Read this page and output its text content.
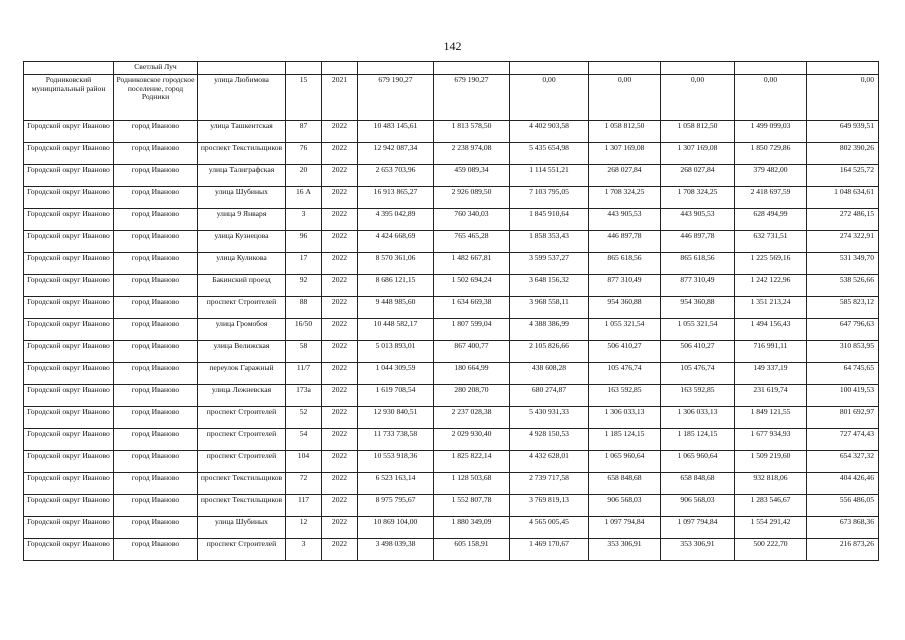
142
	Светлый Луч										
Родниковский муниципальный район	Родниковское городское поселение, город Родники	улица Любимова	15	2021	679 190,27	679 190,27	0,00	0,00	0,00	0,00	0,00
Городской округ Иваново	город Иваново	улица Ташкентская	87	2022	10 483 145,61	1 813 578,50	4 402 903,58	1 058 812,50	1 058 812,50	1 499 099,03	649 939,51
Городской округ Иваново	город Иваново	проспект Текстильщиков	76	2022	12 942 087,34	2 238 974,08	5 435 654,98	1 307 169,08	1 307 169,08	1 850 729,86	802 390,26
Городской округ Иваново	город Иваново	улица Талиграфская	20	2022	2 653 703,96	459 089,34	1 114 551,21	268 027,84	268 027,84	379 482,00	164 525,72
Городской округ Иваново	город Иваново	улица Шубиных	16 А	2022	16 913 865,27	2 926 089,50	7 103 795,05	1 708 324,25	1 708 324,25	2 418 697,59	1 048 634,61
Городской округ Иваново	город Иваново	улица 9 Января	3	2022	4 395 042,89	760 340,03	1 845 910,64	443 905,53	443 905,53	628 494,99	272 486,15
Городской округ Иваново	город Иваново	улица Кузнецова	96	2022	4 424 668,69	765 465,28	1 858 353,43	446 897,78	446 897,78	632 731,51	274 322,91
Городской округ Иваново	город Иваново	улица Куликова	17	2022	8 570 361,06	1 482 667,81	3 599 537,27	865 618,56	865 618,56	1 225 569,16	531 349,70
Городской округ Иваново	город Иваново	Бакинский проезд	92	2022	8 686 121,15	1 502 694,24	3 648 156,32	877 310,49	877 310,49	1 242 122,96	538 526,66
Городской округ Иваново	город Иваново	проспект Строителей	88	2022	9 448 985,60	1 634 669,38	3 968 558,11	954 360,88	954 360,88	1 351 213,24	585 823,12
Городской округ Иваново	город Иваново	улица Громобоя	16/50	2022	10 448 582,17	1 807 599,04	4 388 386,99	1 055 321,54	1 055 321,54	1 494 156,43	647 796,63
Городской округ Иваново	город Иваново	улица Велижская	58	2022	5 013 893,01	867 400,77	2 105 826,66	506 410,27	506 410,27	716 991,11	310 853,95
Городской округ Иваново	город Иваново	переулок Гаражный	11/7	2022	1 044 309,59	180 664,99	438 608,28	105 476,74	105 476,74	149 337,19	64 745,65
Городской округ Иваново	город Иваново	улица Лежневская	173а	2022	1 619 708,54	280 208,70	680 274,87	163 592,85	163 592,85	231 619,74	100 419,53
Городской округ Иваново	город Иваново	проспект Строителей	52	2022	12 930 840,51	2 237 028,38	5 430 931,33	1 306 033,13	1 306 033,13	1 849 121,55	801 692,97
Городской округ Иваново	город Иваново	проспект Строителей	54	2022	11 733 738,58	2 029 930,40	4 928 150,53	1 185 124,15	1 185 124,15	1 677 934,93	727 474,43
Городской округ Иваново	город Иваново	проспект Строителей	104	2022	10 553 918,36	1 825 822,14	4 432 628,01	1 065 960,64	1 065 960,64	1 509 219,60	654 327,32
Городской округ Иваново	город Иваново	проспект Текстильщиков	72	2022	6 523 163,14	1 128 503,68	2 739 717,58	658 848,68	658 848,68	932 818,06	404 426,46
Городской округ Иваново	город Иваново	проспект Текстильщиков	117	2022	8 975 795,67	1 552 807,78	3 769 819,13	906 568,03	906 568,03	1 283 546,67	556 486,05
Городской округ Иваново	город Иваново	улица Шубиных	12	2022	10 869 104,00	1 880 349,09	4 565 005,45	1 097 794,84	1 097 794,84	1 554 291,42	673 868,36
Городской округ Иваново	город Иваново	проспект Строителей	3	2022	3 498 039,38	605 158,91	1 469 170,67	353 306,91	353 306,91	500 222,70	216 873,26
